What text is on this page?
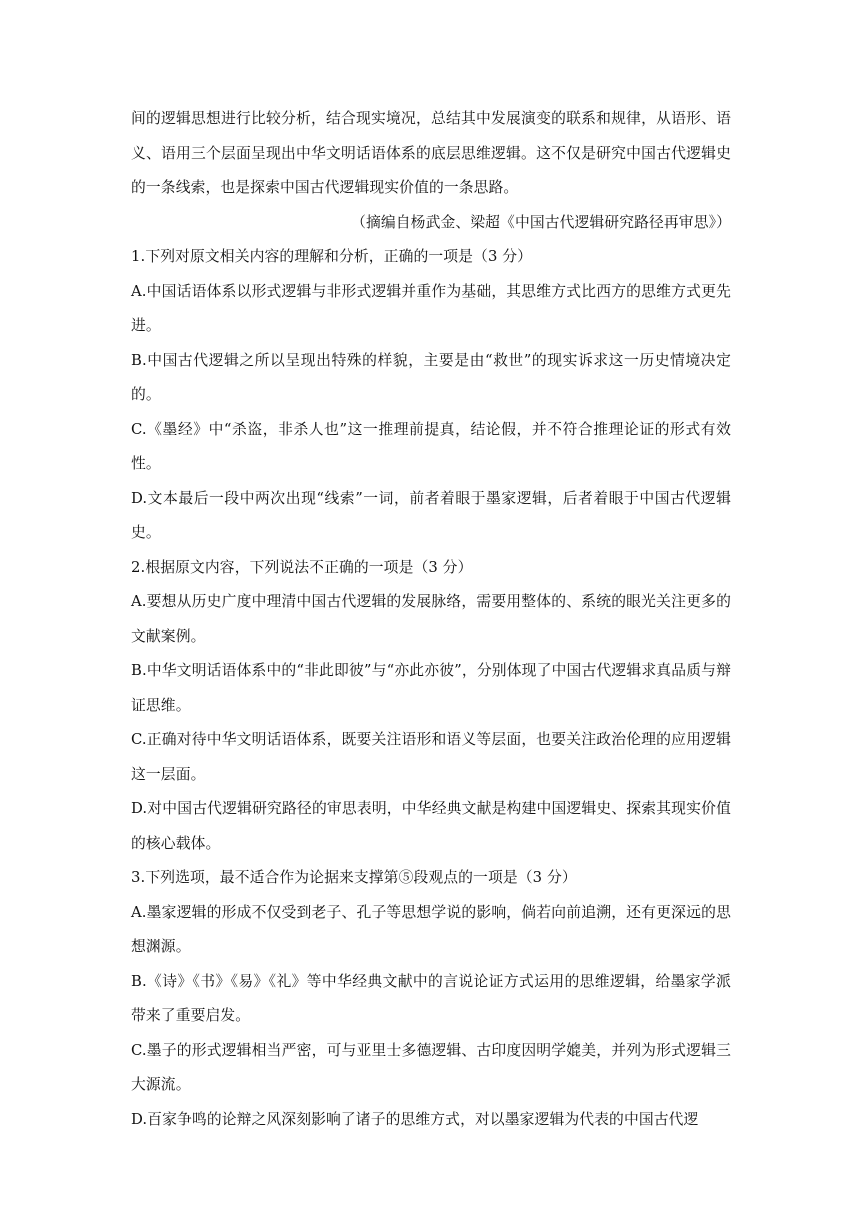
间的逻辑思想进行比较分析，结合现实境况，总结其中发展演变的联系和规律，从语形、语义、语用三个层面呈现出中华文明话语体系的底层思维逻辑。这不仅是研究中国古代逻辑史的一条线索，也是探索中国古代逻辑现实价值的一条思路。

（摘编自杨武金、梁超《中国古代逻辑研究路径再审思》）

1.下列对原文相关内容的理解和分析，正确的一项是（3 分）

A.中国话语体系以形式逻辑与非形式逻辑并重作为基础，其思维方式比西方的思维方式更先进。

B.中国古代逻辑之所以呈现出特殊的样貌，主要是由“救世”的现实诉求这一历史情境决定的。

C.《墨经》中“杀盗，非杀人也”这一推理前提真，结论假，并不符合推理论证的形式有效性。

D.文本最后一段中两次出现“线索”一词，前者着眼于墨家逻辑，后者着眼于中国古代逻辑史。

2.根据原文内容，下列说法不正确的一项是（3 分）

A.要想从历史广度中理清中国古代逻辑的发展脉络，需要用整体的、系统的眼光关注更多的文献案例。

B.中华文明话语体系中的“非此即彼”与“亦此亦彼”，分别体现了中国古代逻辑求真品质与辩证思维。

C.正确对待中华文明话语体系，既要关注语形和语义等层面，也要关注政治伦理的应用逻辑这一层面。

D.对中国古代逻辑研究路径的审思表明，中华经典文献是构建中国逻辑史、探索其现实价值的核心载体。

3.下列选项，最不适合作为论据来支撑第⑤段观点的一项是（3 分）

A.墨家逻辑的形成不仅受到老子、孔子等思想学说的影响，倘若向前追溯，还有更深远的思想渊源。

B.《诗》《书》《易》《礼》等中华经典文献中的言说论证方式运用的思维逻辑，给墨家学派带来了重要启发。

C.墨子的形式逻辑相当严密，可与亚里士多德逻辑、古印度因明学媲美，并列为形式逻辑三大源流。

D.百家争鸣的论辩之风深刻影响了诸子的思维方式，对以墨家逻辑为代表的中国古代逻
